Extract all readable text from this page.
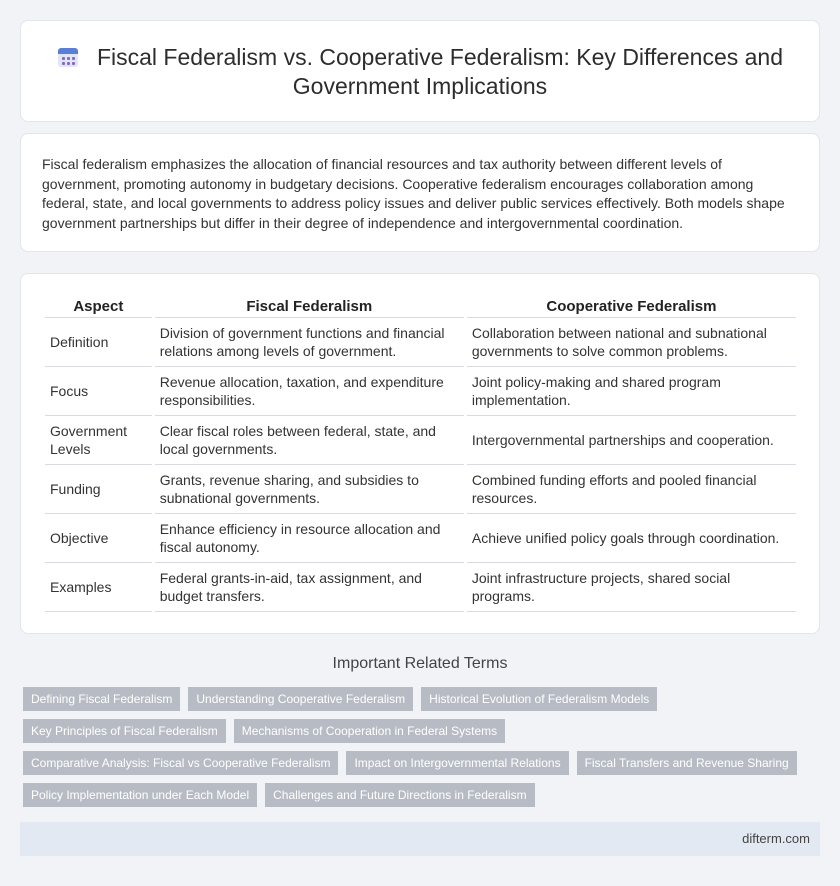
Fiscal Federalism vs. Cooperative Federalism: Key Differences and Government Implications

Fiscal federalism emphasizes the allocation of financial resources and tax authority between different levels of government, promoting autonomy in budgetary decisions. Cooperative federalism encourages collaboration among federal, state, and local governments to address policy issues and deliver public services effectively. Both models shape government partnerships but differ in their degree of independence and intergovernmental coordination.

Aspect	Fiscal Federalism	Cooperative Federalism
Definition	Division of government functions and financial relations among levels of government.	Collaboration between national and subnational governments to solve common problems.
Focus	Revenue allocation, taxation, and expenditure responsibilities.	Joint policy-making and shared program implementation.
Government Levels	Clear fiscal roles between federal, state, and local governments.	Intergovernmental partnerships and cooperation.
Funding	Grants, revenue sharing, and subsidies to subnational governments.	Combined funding efforts and pooled financial resources.
Objective	Enhance efficiency in resource allocation and fiscal autonomy.	Achieve unified policy goals through coordination.
Examples	Federal grants-in-aid, tax assignment, and budget transfers.	Joint infrastructure projects, shared social programs.
Important Related Terms
Defining Fiscal Federalism	Understanding Cooperative Federalism	Historical Evolution of Federalism Models
Key Principles of Fiscal Federalism	Mechanisms of Cooperation in Federal Systems
Comparative Analysis: Fiscal vs Cooperative Federalism	Impact on Intergovernmental Relations	Fiscal Transfers and Revenue Sharing
Policy Implementation under Each Model	Challenges and Future Directions in Federalism
difterm.com
